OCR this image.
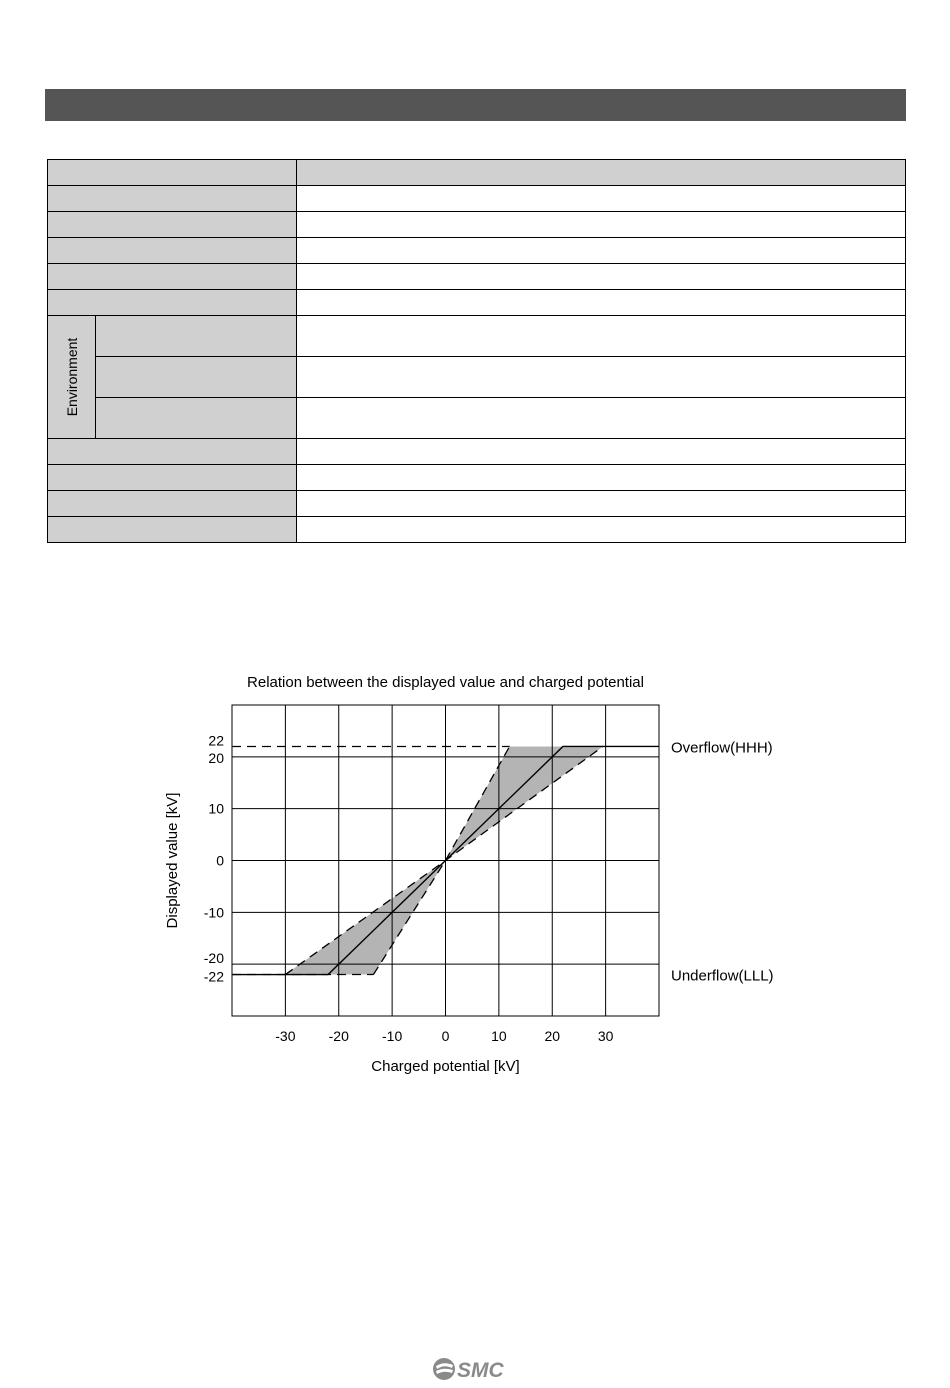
Environment		

-30 -20 -10	0	10	20	30
22
20
10
0
-10
-20
-22
Relation between the displayed value and charged potential
Charged potential [kV]
Displayed value [kV]
Overflow(HHH)
Underflow(LLL)
SMC
